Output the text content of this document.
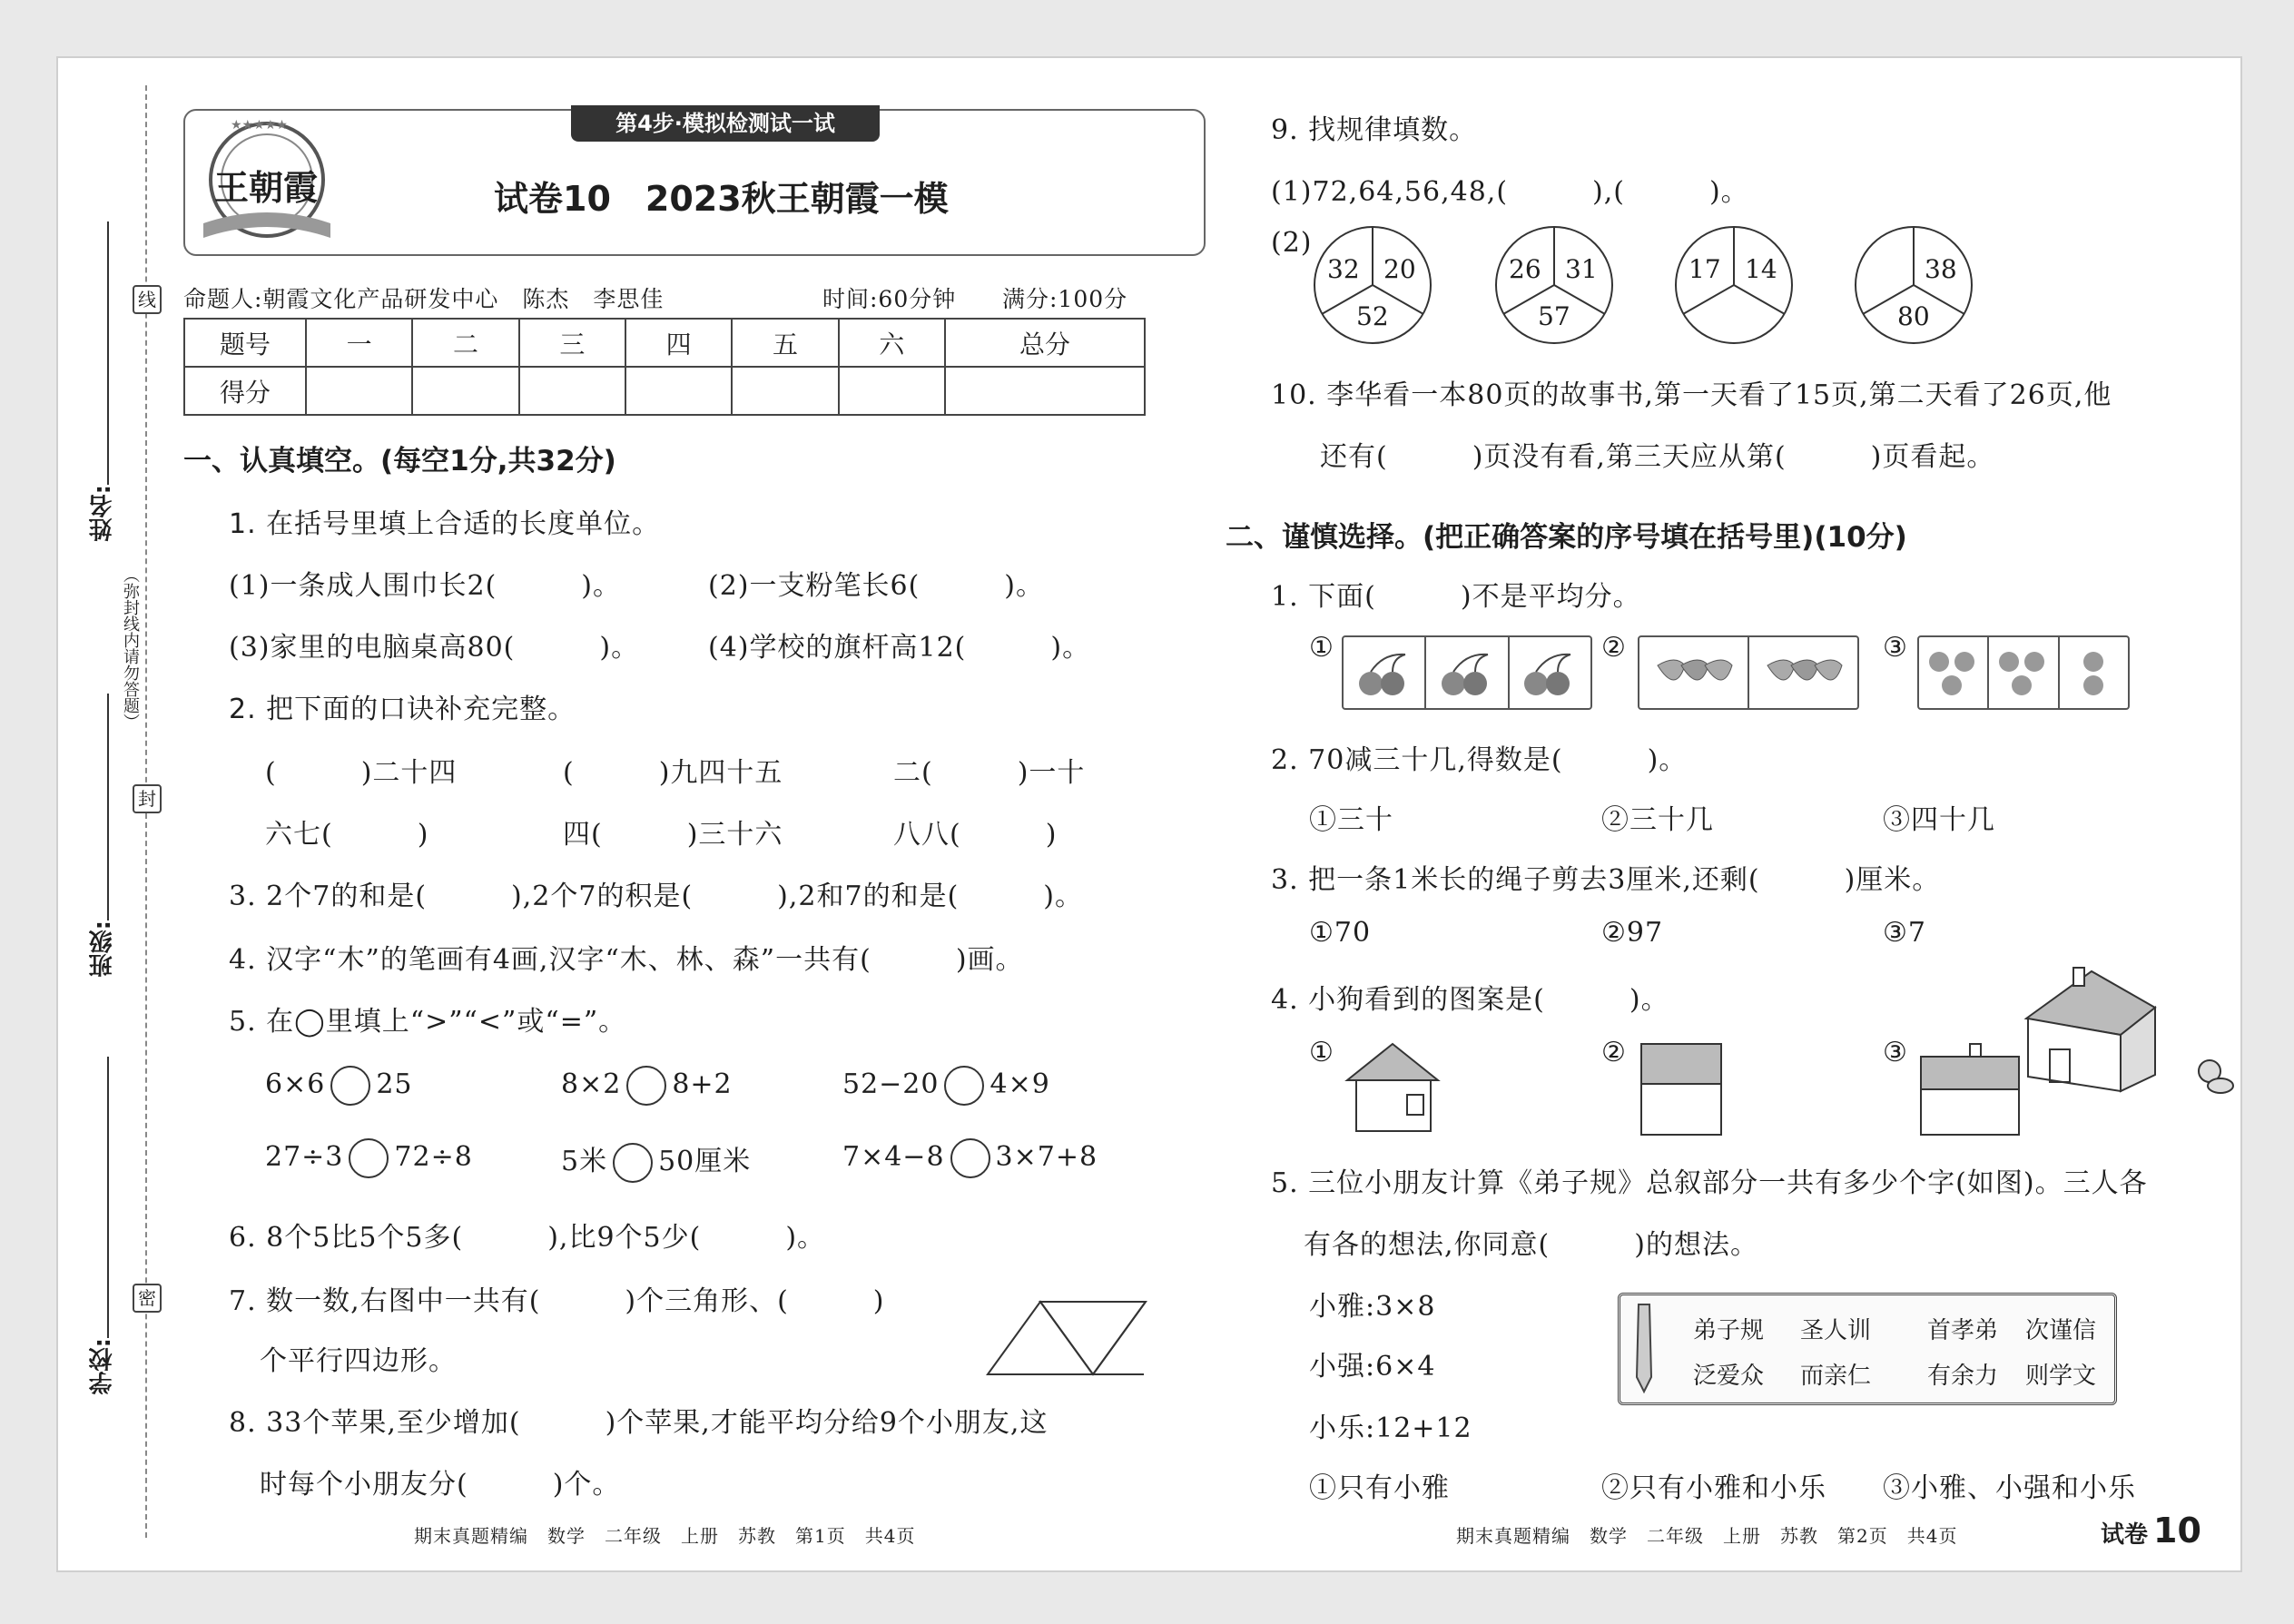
线
封
密
（弥封线内请勿答题）
姓名:
班级:
学校:
第4步·模拟检测试一试
★★★★★
王朝霞	试卷10　2023秋王朝霞一模
命题人:朝霞文化产品研发中心　陈杰　李思佳	时间:60分钟 满分:100分
题号	一	二	三	四	五	六	总分
得分							
一、认真填空。(每空1分,共32分)
1. 在括号里填上合适的长度单位。
(1)一条成人围巾长2(　　　)。	(2)一支粉笔长6(　　　)。
(3)家里的电脑桌高80(　　　)。	(4)学校的旗杆高12(　　　)。
2. 把下面的口诀补充完整。
(　　　)二十四	(　　　)九四十五	二(　　　)一十
六七(　　　)	四(　　　)三十六	八八(　　　)
3. 2个7的和是(　　　),2个7的积是(　　　),2和7的和是(　　　)。
4. 汉字“木”的笔画有4画,汉字“木、林、森”一共有(　　　)画。
5. 在◯里填上“>”“<”或“=”。
6×6 25	8×2 8+2	52−20 4×9
27÷3 72÷8	5米 50厘米	7×4−8 3×7+8
6. 8个5比5个5多(　　　),比9个5少(　　　)。
7. 数一数,右图中一共有(　　　)个三角形、(　　　)
个平行四边形。
8. 33个苹果,至少增加(　　　)个苹果,才能平均分给9个小朋友,这
时每个小朋友分(　　　)个。
期末真题精编　数学　二年级　上册　苏教　第1页　共4页
9. 找规律填数。
(1)72,64,56,48,(　　　),(　　　)。
(2)
32 20
52
26 31
57
17 14	38
80
10. 李华看一本80页的故事书,第一天看了15页,第二天看了26页,他
还有(　　　)页没有看,第三天应从第(　　　)页看起。
二、谨慎选择。(把正确答案的序号填在括号里)(10分)
1. 下面(　　　)不是平均分。
①	②	③
2. 70减三十几,得数是(　　　)。
①三十	②三十几	③四十几
3. 把一条1米长的绳子剪去3厘米,还剩(　　　)厘米。
①70	②97	③7
4. 小狗看到的图案是(　　　)。
①	②	③
5. 三位小朋友计算《弟子规》总叙部分一共有多少个字(如图)。三人各
有各的想法,你同意(　　　)的想法。
小雅:3×8
小强:6×4
小乐:12+12
弟子规 圣人训 首孝弟 次谨信
泛爱众 而亲仁 有余力 则学文
①只有小雅	②只有小雅和小乐 ③小雅、小强和小乐
期末真题精编　数学　二年级　上册　苏教　第2页　共4页	试卷 10
